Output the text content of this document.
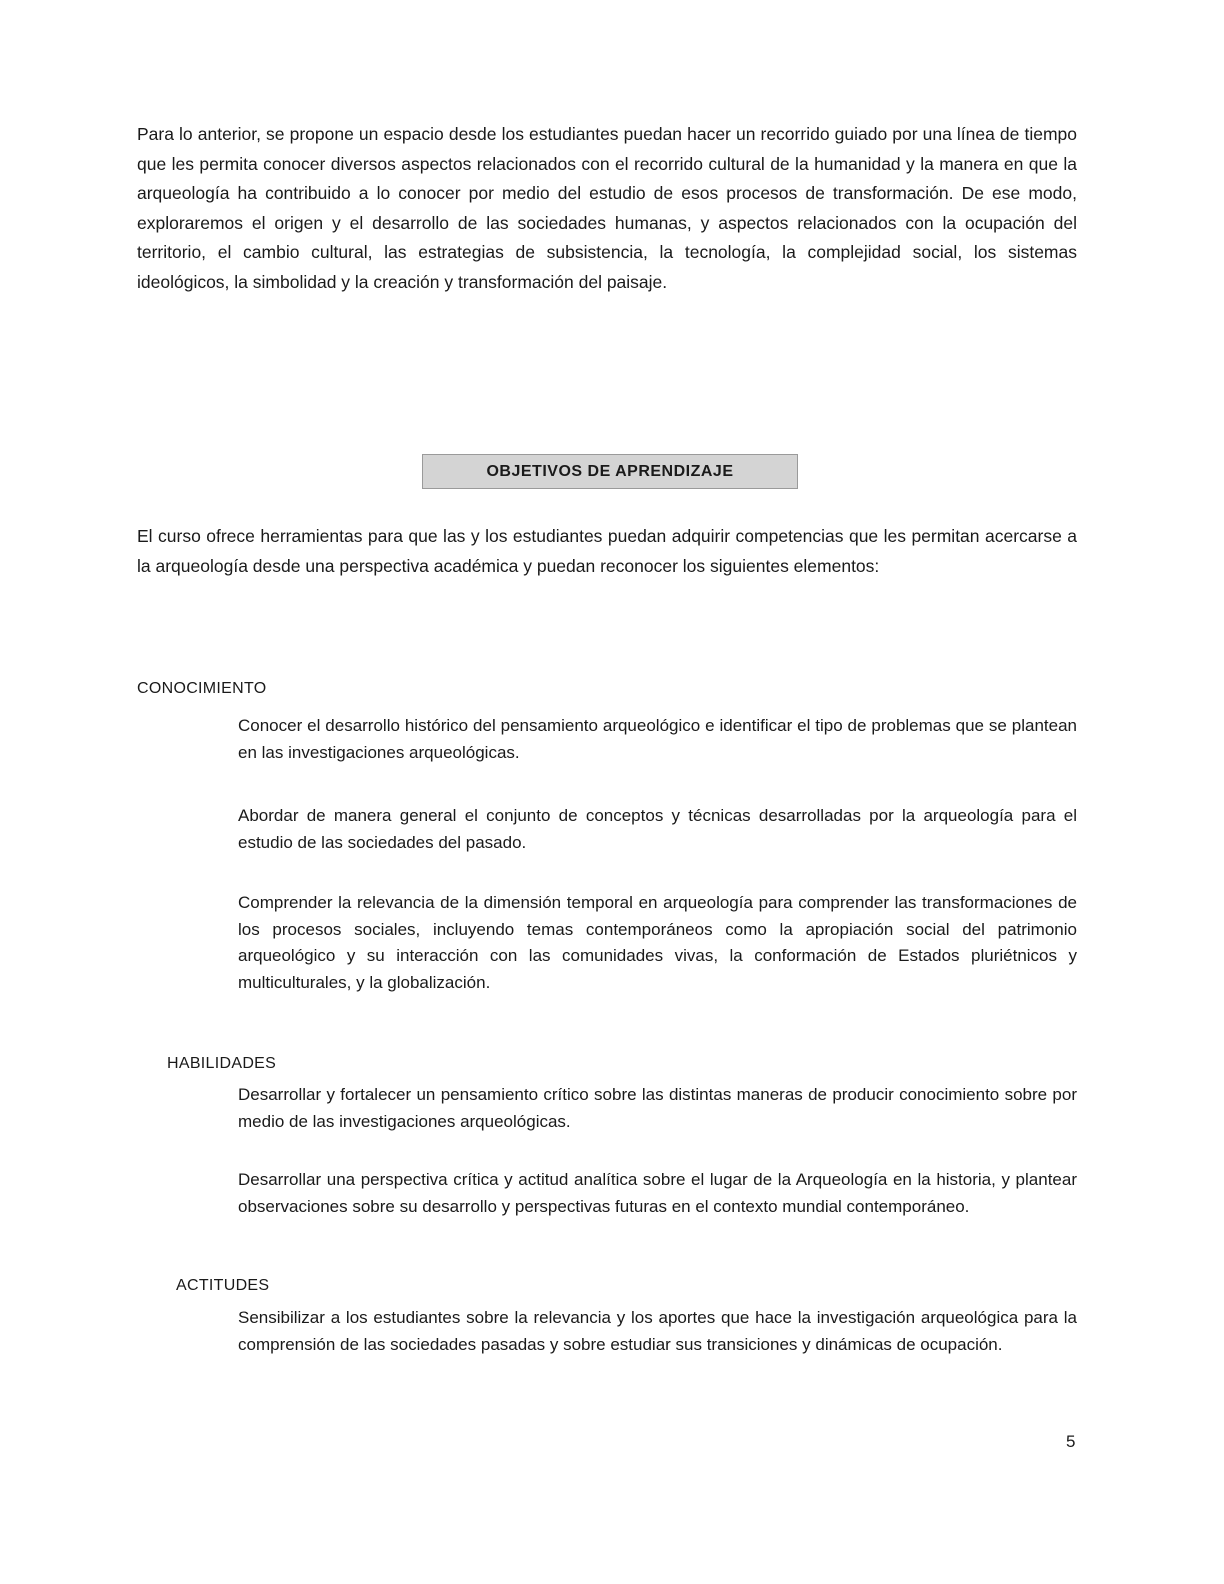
Para lo anterior, se propone un espacio desde los estudiantes puedan hacer un recorrido guiado por una línea de tiempo que les permita conocer diversos aspectos relacionados con el recorrido cultural de la humanidad y la manera en que la arqueología ha contribuido a lo conocer por medio del estudio de esos procesos de transformación. De ese modo, exploraremos el origen y el desarrollo de las sociedades humanas, y aspectos relacionados con la ocupación del territorio, el cambio cultural, las estrategias de subsistencia, la tecnología, la complejidad social, los sistemas ideológicos, la simbolidad y la creación y transformación del paisaje.

OBJETIVOS DE APRENDIZAJE

El curso ofrece herramientas para que las y los estudiantes puedan adquirir competencias que les permitan acercarse a la arqueología desde una perspectiva académica y puedan reconocer los siguientes elementos:

CONOCIMIENTO

Conocer el desarrollo histórico del pensamiento arqueológico e identificar el tipo de problemas que se plantean en las investigaciones arqueológicas.

Abordar de manera general el conjunto de conceptos y técnicas desarrolladas por la arqueología para el estudio de las sociedades del pasado.

Comprender la relevancia de la dimensión temporal en arqueología para comprender las transformaciones de los procesos sociales, incluyendo temas contemporáneos como la apropiación social del patrimonio arqueológico y su interacción con las comunidades vivas, la conformación de Estados pluriétnicos y multiculturales, y la globalización.

HABILIDADES

Desarrollar y fortalecer un pensamiento crítico sobre las distintas maneras de producir conocimiento sobre por medio de las investigaciones arqueológicas.

Desarrollar una perspectiva crítica y actitud analítica sobre el lugar de la Arqueología en la historia, y plantear observaciones sobre su desarrollo y perspectivas futuras en el contexto mundial contemporáneo.

ACTITUDES

Sensibilizar a los estudiantes sobre la relevancia y los aportes que hace la investigación arqueológica para la comprensión de las sociedades pasadas y sobre estudiar sus transiciones y dinámicas de ocupación.

5
